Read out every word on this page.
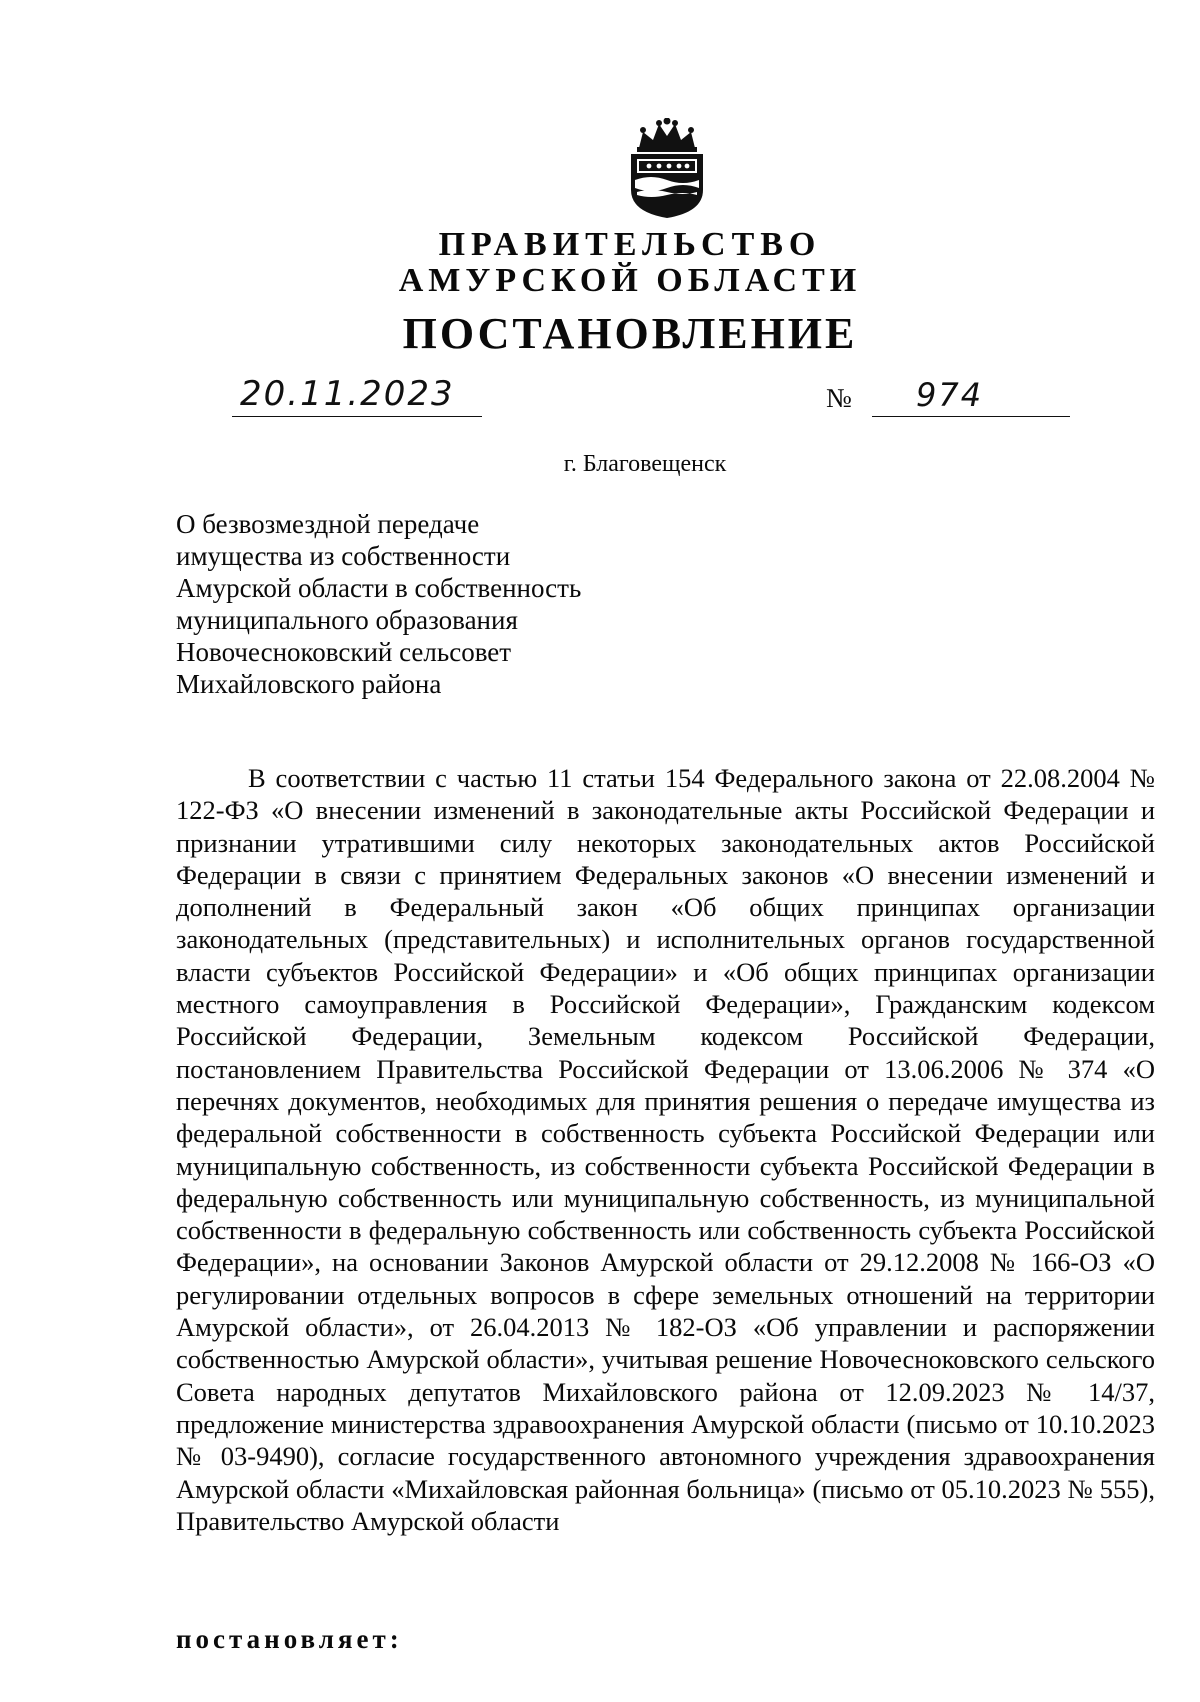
ПРАВИТЕЛЬСТВО
АМУРСКОЙ ОБЛАСТИ
ПОСТАНОВЛЕНИЕ
20.11.2023	№ 974
г. Благовещенск
О безвозмездной передаче
имущества из собственности
Амурской области в собственность
муниципального образования
Новочесноковский сельсовет
Михайловского района

В соответствии с частью 11 статьи 154 Федерального закона от 22.08.2004 № 122-ФЗ «О внесении изменений в законодательные акты Российской Федерации и признании утратившими силу некоторых законодательных актов Российской Федерации в связи с принятием Федеральных законов «О внесении изменений и дополнений в Федеральный закон «Об общих принципах организации законодательных (представительных) и исполнительных органов государственной власти субъектов Российской Федерации» и «Об общих принципах организации местного самоуправления в Российской Федерации», Гражданским кодексом Российской Федерации, Земельным кодексом Российской Федерации, постановлением Правительства Российской Федерации от 13.06.2006 № 374 «О перечнях документов, необходимых для принятия решения о передаче имущества из федеральной собственности в собственность субъекта Российской Федерации или муниципальную собственность, из собственности субъекта Российской Федерации в федеральную собственность или муниципальную собственность, из муниципальной собственности в федеральную собственность или собственность субъекта Российской Федерации», на основании Законов Амурской области от 29.12.2008 № 166-ОЗ «О регулировании отдельных вопросов в сфере земельных отношений на территории Амурской области», от 26.04.2013 № 182-ОЗ «Об управлении и распоряжении собственностью Амурской области», учитывая решение Новочесноковского сельского Совета народных депутатов Михайловского района от 12.09.2023 № 14/37, предложение министерства здравоохранения Амурской области (письмо от 10.10.2023 № 03-9490), согласие государственного автономного учреждения здравоохранения Амурской области «Михайловская районная больница» (письмо от 05.10.2023 № 555), Правительство Амурской области

постановляет:
